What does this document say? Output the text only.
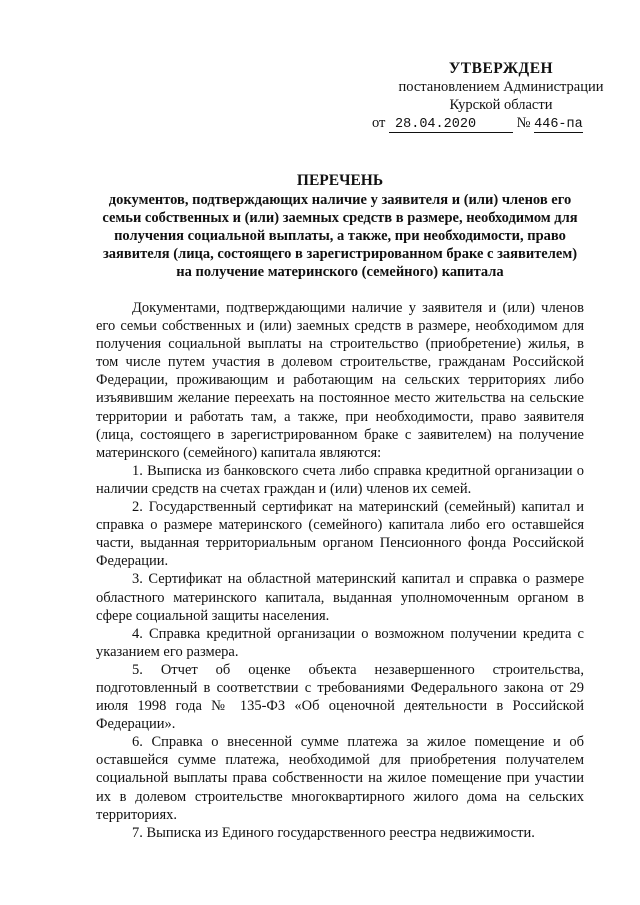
УТВЕРЖДЕН
постановлением Администрации
Курской области
от 28.04.2020	№ 446-па
ПЕРЕЧЕНЬ
документов, подтверждающих наличие у заявителя и (или) членов его семьи собственных и (или) заемных средств в размере, необходимом для получения социальной выплаты, а также, при необходимости, право заявителя (лица, состоящего в зарегистрированном браке с заявителем) на получение материнского (семейного) капитала

Документами, подтверждающими наличие у заявителя и (или) членов его семьи собственных и (или) заемных средств в размере, необходимом для получения социальной выплаты на строительство (приобретение) жилья, в том числе путем участия в долевом строительстве, гражданам Российской Федерации, проживающим и работающим на сельских территориях либо изъявившим желание переехать на постоянное место жительства на сельские территории и работать там, а также, при необходимости, право заявителя (лица, состоящего в зарегистрированном браке с заявителем) на получение материнского (семейного) капитала являются:

1. Выписка из банковского счета либо справка кредитной организации о наличии средств на счетах граждан и (или) членов их семей.

2. Государственный сертификат на материнский (семейный) капитал и справка о размере материнского (семейного) капитала либо его оставшейся части, выданная территориальным органом Пенсионного фонда Российской Федерации.

3. Сертификат на областной материнский капитал и справка о размере областного материнского капитала, выданная уполномоченным органом в сфере социальной защиты населения.

4. Справка кредитной организации о возможном получении кредита с указанием его размера.

5. Отчет об оценке объекта незавершенного строительства, подготовленный в соответствии с требованиями Федерального закона от 29 июля 1998 года № 135-ФЗ «Об оценочной деятельности в Российской Федерации».

6. Справка о внесенной сумме платежа за жилое помещение и об оставшейся сумме платежа, необходимой для приобретения получателем социальной выплаты права собственности на жилое помещение при участии их в долевом строительстве многоквартирного жилого дома на сельских территориях.

7. Выписка из Единого государственного реестра недвижимости.
